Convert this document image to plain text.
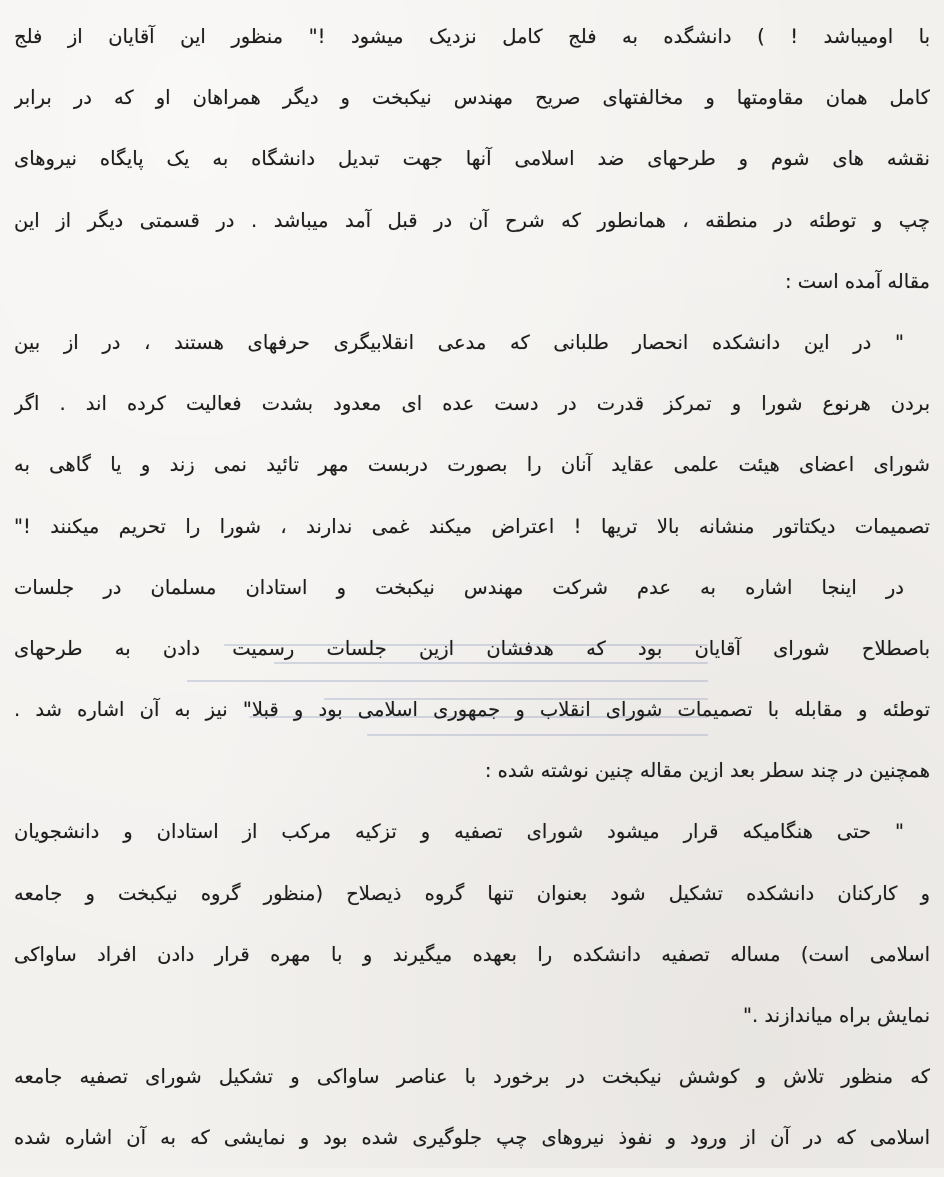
با اومیباشد ! ) دانشگده به فلج کامل نزدیک میشود !" منظور این آقایان از فلج
کامل همان مقاومتها و مخالفتهای صریح مهندس نیکبخت و دیگر همراهان او که در برابر
نقشه های شوم و طرحهای ضد اسلامی آنها جهت تبدیل دانشگاه به یک پایگاه نیروهای
چپ و توطئه در منطقه ، همانطور که شرح آن در قبل آمد میباشد . در قسمتی دیگر از این
مقاله آمده است :
" در این دانشکده انحصار طلبانی که مدعی انقلابیگری حرفهای هستند ، در از بین
بردن هرنوع شورا و تمرکز قدرت در دست عده ای معدود بشدت فعالیت کرده اند . اگر
شورای اعضای هیئت علمی عقاید آنان را بصورت دربست مهر تائید نمی زند و یا گاهی به
تصمیمات دیکتاتور منشانه بالا تریها ! اعتراض میکند غمی ندارند ، شورا را تحریم میکنند !"
در اینجا اشاره به عدم شرکت مهندس نیکبخت و استادان مسلمان در جلسات
باصطلاح شورای آقایان بود که هدفشان ازین جلسات رسمیت دادن به طرحهای
توطئه و مقابله با تصمیمات شورای انقلاب و جمهوری اسلامی بود و قبلا" نیز به آن اشاره شد .
همچنین در چند سطر بعد ازین مقاله چنین نوشته شده :
" حتی هنگامیکه قرار میشود شورای تصفیه و تزکیه مرکب از استادان و دانشجویان
و کارکنان دانشکده تشکیل شود بعنوان تنها گروه ذیصلاح (منظور گروه نیکبخت و جامعه
اسلامی است) مساله تصفیه دانشکده را بعهده میگیرند و با مهره قرار دادن افراد ساواکی
نمایش براه میاندازند ."
که منظور تلاش و کوشش نیکبخت در برخورد با عناصر ساواکی و تشکیل شورای تصفیه جامعه
اسلامی که در آن از ورود و نفوذ نیروهای چپ جلوگیری شده بود و نمایشی که به آن اشاره شده
